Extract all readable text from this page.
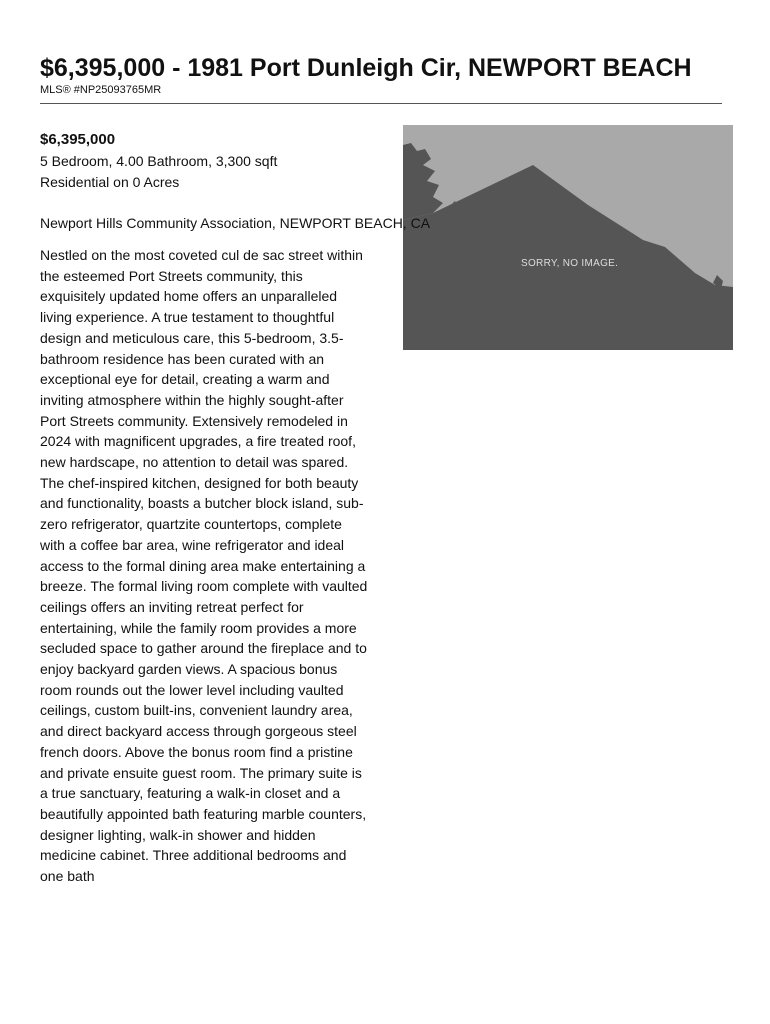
$6,395,000 - 1981 Port Dunleigh Cir, NEWPORT BEACH
MLS® #NP25093765MR
$6,395,000
5 Bedroom, 4.00 Bathroom, 3,300 sqft
Residential on 0 Acres
SORRY, NO IMAGE.
Newport Hills Community Association, NEWPORT BEACH, CA

Nestled on the most coveted cul de sac street within the esteemed Port Streets community, this exquisitely updated home offers an unparalleled living experience. A true testament to thoughtful design and meticulous care, this 5-bedroom, 3.5-bathroom residence has been curated with an exceptional eye for detail, creating a warm and inviting atmosphere within the highly sought-after Port Streets community. Extensively remodeled in 2024 with magnificent upgrades, a fire treated roof, new hardscape, no attention to detail was spared. The chef-inspired kitchen, designed for both beauty and functionality, boasts a butcher block island, sub-zero refrigerator, quartzite countertops, complete with a coffee bar area, wine refrigerator and ideal access to the formal dining area make entertaining a breeze. The formal living room complete with vaulted ceilings offers an inviting retreat perfect for entertaining, while the family room provides a more secluded space to gather around the fireplace and to enjoy backyard garden views. A spacious bonus room rounds out the lower level including vaulted ceilings, custom built-ins, convenient laundry area, and direct backyard access through gorgeous steel french doors. Above the bonus room find a pristine and private ensuite guest room. The primary suite is a true sanctuary, featuring a walk-in closet and a beautifully appointed bath featuring marble counters, designer lighting, walk-in shower and hidden medicine cabinet. Three additional bedrooms and one bath
